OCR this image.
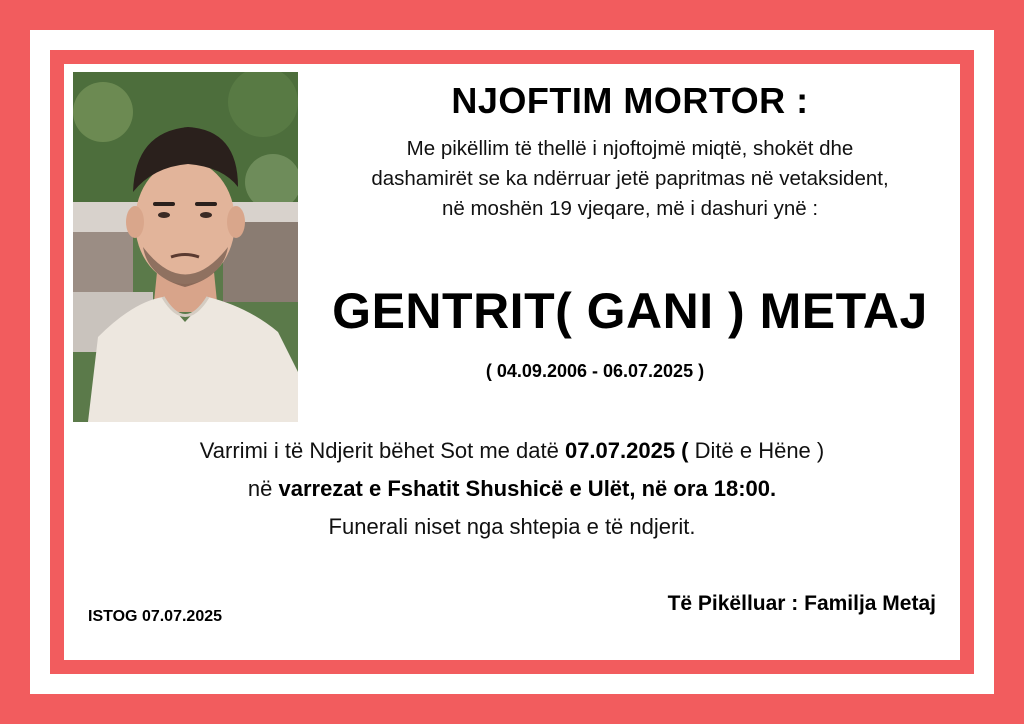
NJOFTIM MORTOR :
Me pikëllim të thellë i njoftojmë miqtë, shokët dhe
dashamirët se ka ndërruar jetë papritmas në vetaksident,
në moshën 19 vjeqare, më i dashuri ynë :
GENTRIT( GANI ) METAJ
( 04.09.2006 - 06.07.2025 )
Varrimi i të Ndjerit bëhet Sot me datë 07.07.2025 ( Ditë e Hëne )
në varrezat e Fshatit Shushicë e Ulët, në ora 18:00.
Funerali niset nga shtepia e të ndjerit.
ISTOG 07.07.2025
Të Pikëlluar : Familja Metaj
